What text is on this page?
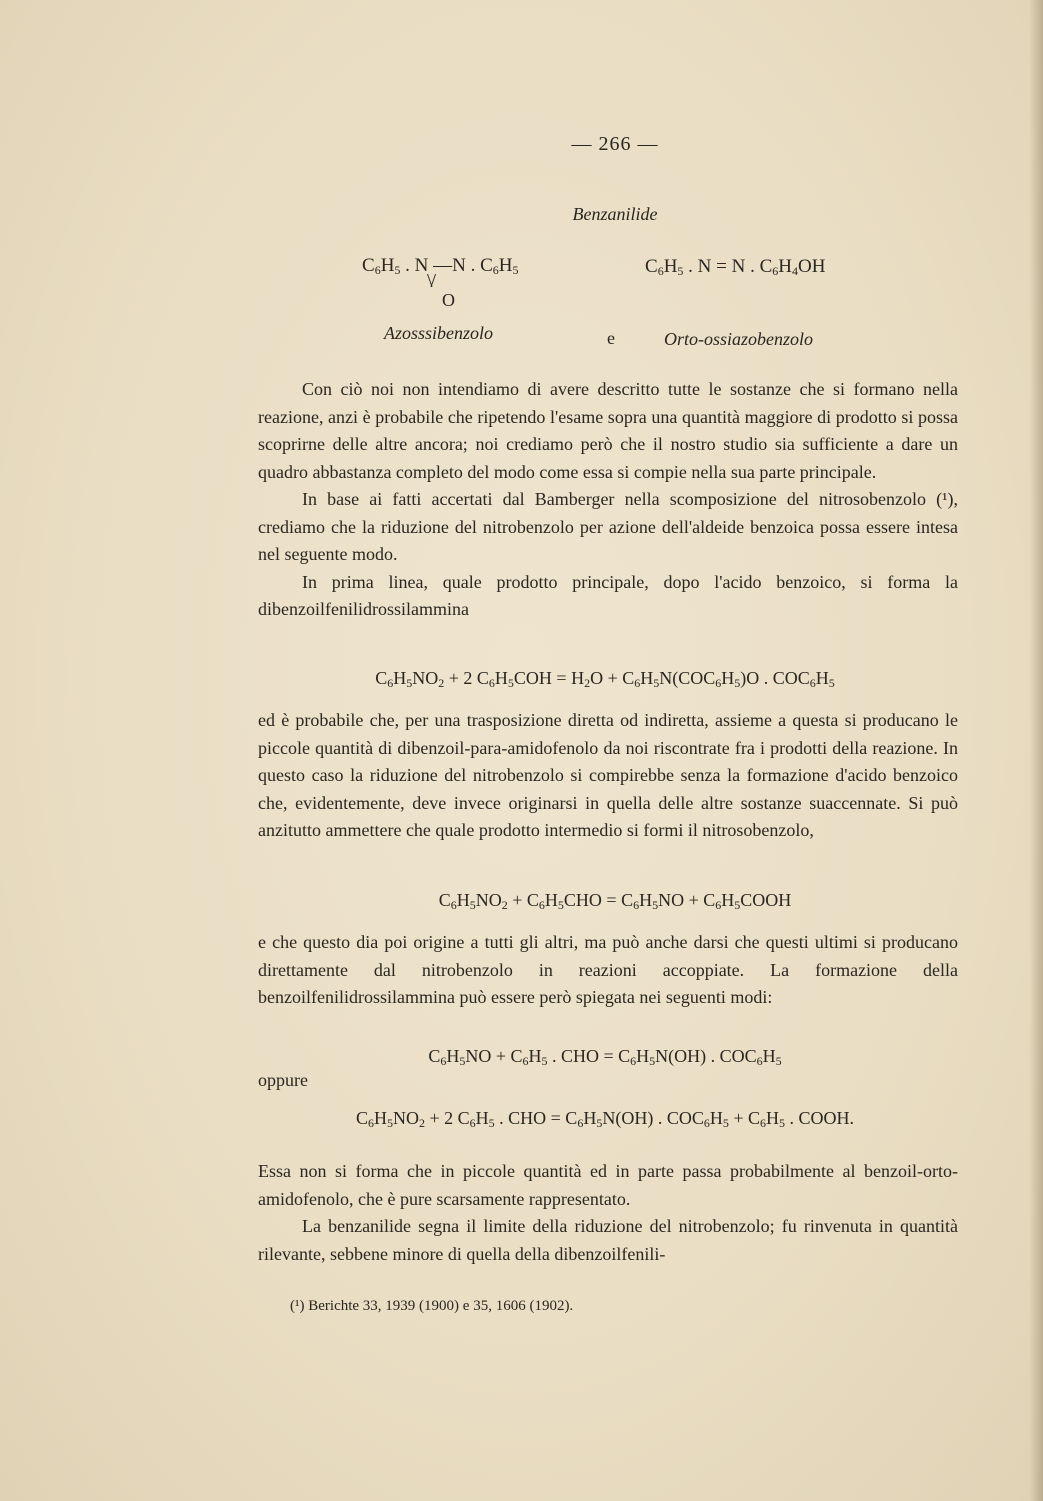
— 266 —
Benzanilide
$C_6H_5$ . N —N . $C_6H_5$
\/
O
$C_6H_5$ . N = N . $C_6H_4OH$
Azosssibenzolo	e	Orto-ossiazobenzolo

Con ciò noi non intendiamo di avere descritto tutte le sostanze che si formano nella reazione, anzi è probabile che ripetendo l'esame sopra una quantità maggiore di prodotto si possa scoprirne delle altre ancora; noi crediamo però che il nostro studio sia sufficiente a dare un quadro abbastanza completo del modo come essa si compie nella sua parte principale.

In base ai fatti accertati dal Bamberger nella scomposizione del nitrosobenzolo (¹), crediamo che la riduzione del nitrobenzolo per azione dell'aldeide benzoica possa essere intesa nel seguente modo.

In prima linea, quale prodotto principale, dopo l'acido benzoico, si forma la dibenzoilfenilidrossilammina

$C_6H_5NO_2 + 2$ $C_6H_5COH = H_2O + C_6H_5N(COC_6H_5)O$ . $COC_6H_5$

ed è probabile che, per una trasposizione diretta od indiretta, assieme a questa si producano le piccole quantità di dibenzoil-para-amidofenolo da noi riscontrate fra i prodotti della reazione. In questo caso la riduzione del nitrobenzolo si compirebbe senza la formazione d'acido benzoico che, evidentemente, deve invece originarsi in quella delle altre sostanze suaccennate. Si può anzitutto ammettere che quale prodotto intermedio si formi il nitrosobenzolo,

$C_6H_5NO_2 + C_6H_5CHO = C_6H_5NO$ + $C_6H_5COOH$

e che questo dia poi origine a tutti gli altri, ma può anche darsi che questi ultimi si producano direttamente dal nitrobenzolo in reazioni accoppiate. La formazione della benzoilfenilidrossilammina può essere però spiegata nei seguenti modi:

$C_6H_5NO + C_6H_5$ . CHO = $C_6H_5N(OH)$ . $COC_6H_5$
oppure
$C_6H_5NO_2 + 2$ $C_6H_5$ . CHO = $C_6H_5N(OH)$ . $COC_6H_5 + C_6H_5$ . COOH.

Essa non si forma che in piccole quantità ed in parte passa probabilmente al benzoil-orto-amidofenolo, che è pure scarsamente rappresentato.

La benzanilide segna il limite della riduzione del nitrobenzolo; fu rinvenuta in quantità rilevante, sebbene minore di quella della dibenzoilfenili-

(¹) Berichte 33, 1939 (1900) e 35, 1606 (1902).
